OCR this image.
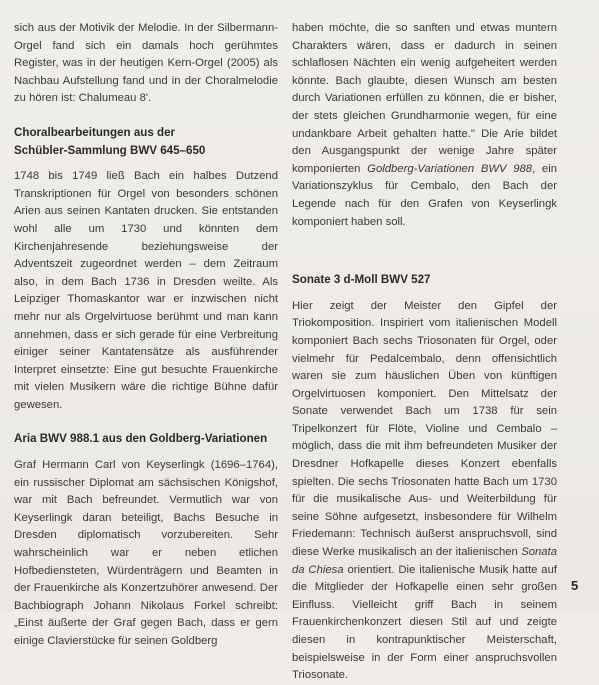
sich aus der Motivik der Melodie. In der Silbermann-Orgel fand sich ein damals hoch gerühmtes Register, was in der heutigen Kern-Orgel (2005) als Nachbau Aufstellung fand und in der Choralmelodie zu hören ist: Chalumeau 8'.

Choralbearbeitungen aus der
Schübler-Sammlung BWV 645–650

1748 bis 1749 ließ Bach ein halbes Dutzend Transkriptionen für Orgel von besonders schönen Arien aus seinen Kantaten drucken. Sie entstanden wohl alle um 1730 und könnten dem Kirchenjahresende beziehungsweise der Adventszeit zugeordnet werden – dem Zeitraum also, in dem Bach 1736 in Dresden weilte. Als Leipziger Thomaskantor war er inzwischen nicht mehr nur als Orgelvirtuose berühmt und man kann annehmen, dass er sich gerade für eine Verbreitung einiger seiner Kantatensätze als ausführender Interpret einsetzte: Eine gut besuchte Frauenkirche mit vielen Musikern wäre die richtige Bühne dafür gewesen.

Aria BWV 988.1 aus den Goldberg-Variationen

Graf Hermann Carl von Keyserlingk (1696–1764), ein russischer Diplomat am sächsischen Königshof, war mit Bach befreundet. Vermutlich war von Keyserlingk daran beteiligt, Bachs Besuche in Dresden diplomatisch vorzubereiten. Sehr wahrscheinlich war er neben etlichen Hofbediensteten, Würdenträgern und Beamten in der Frauenkirche als Konzertzuhörer anwesend. Der Bachbiograph Johann Nikolaus Forkel schreibt: „Einst äußerte der Graf gegen Bach, dass er gern einige Clavierstücke für seinen Goldberg

haben möchte, die so sanften und etwas muntern Charakters wären, dass er dadurch in seinen schlaflosen Nächten ein wenig aufgeheitert werden könnte. Bach glaubte, diesen Wunsch am besten durch Variationen erfüllen zu können, die er bisher, der stets gleichen Grundharmonie wegen, für eine undankbare Arbeit gehalten hatte." Die Arie bildet den Ausgangspunkt der wenige Jahre später komponierten Goldberg-Variationen BWV 988, ein Variationszyklus für Cembalo, den Bach der Legende nach für den Grafen von Keyserlingk komponiert haben soll.

Sonate 3 d-Moll BWV 527

Hier zeigt der Meister den Gipfel der Triokomposition. Inspiriert vom italienischen Modell komponiert Bach sechs Triosonaten für Orgel, oder vielmehr für Pedalcembalo, denn offensichtlich waren sie zum häuslichen Üben von künftigen Orgelvirtuosen komponiert. Den Mittelsatz der Sonate verwendet Bach um 1738 für sein Tripelkonzert für Flöte, Violine und Cembalo – möglich, dass die mit ihm befreundeten Musiker der Dresdner Hofkapelle dieses Konzert ebenfalls spielten. Die sechs Triosonaten hatte Bach um 1730 für die musikalische Aus- und Weiterbildung für seine Söhne aufgesetzt, insbesondere für Wilhelm Friedemann: Technisch äußerst anspruchsvoll, sind diese Werke musikalisch an der italienischen Sonata da Chiesa orientiert. Die italienische Musik hatte auf die Mitglieder der Hofkapelle einen sehr großen Einfluss. Vielleicht griff Bach in seinem Frauenkirchenkonzert diesen Stil auf und zeigte diesen in kontrapunktischer Meisterschaft, beispielsweise in der Form einer anspruchsvollen Triosonate.

5
